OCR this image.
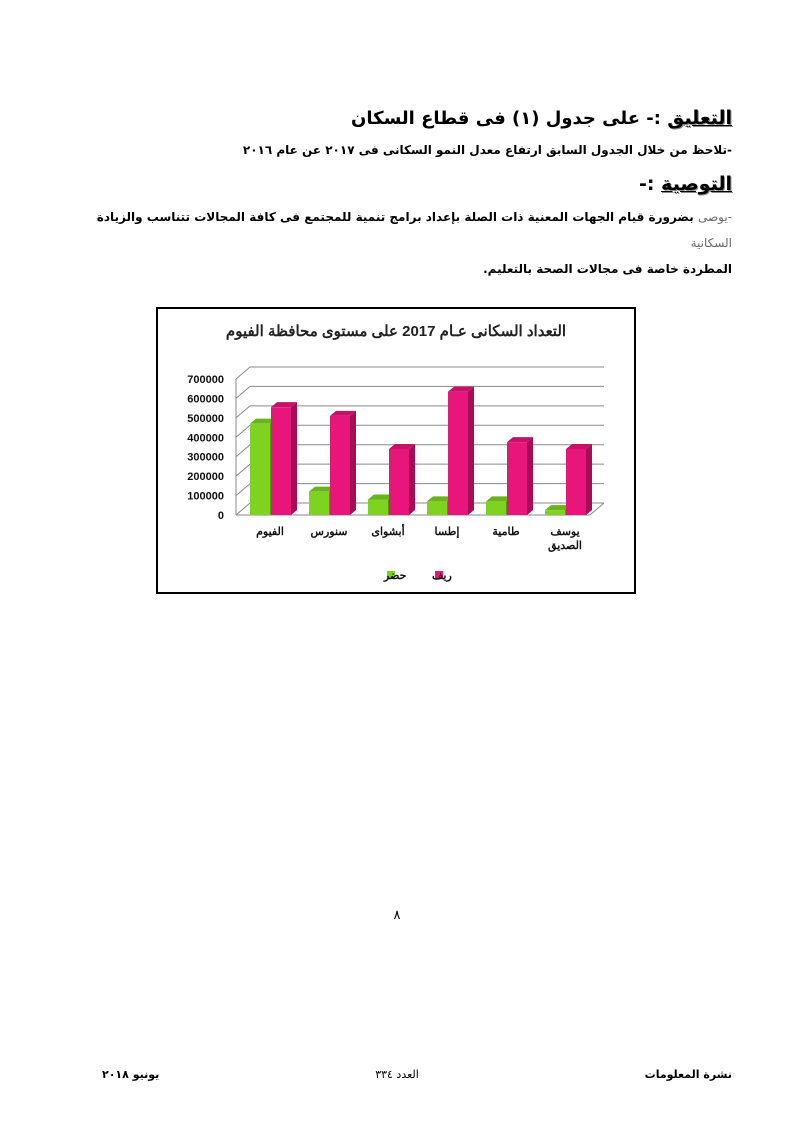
التعليق :- على جدول (١) فى قطاع السكان
-تلاحظ من خلال الجدول السابق ارتفاع معدل النمو السكانى فى ٢٠١٧ عن عام ٢٠١٦
التوصية :-
-يوصى بضرورة قيام الجهات المعنية ذات الصلة بإعداد برامج تنمية للمجتمع فى كافة المجالات تتناسب والزيادة السكانية
المطردة خاصة فى مجالات الصحة بالتعليم.
التعداد السكانى عـام 2017 على مستوى محافظة الفيوم
700000
600000
500000
400000
300000
200000
100000
0
الفيوم سنورس أبشواى	إطسا	طامية	يوسف
الصديق
ريف
حضر
٨
يونيو ٢٠١٨	العدد ٣٣٤	نشرة المعلومات
